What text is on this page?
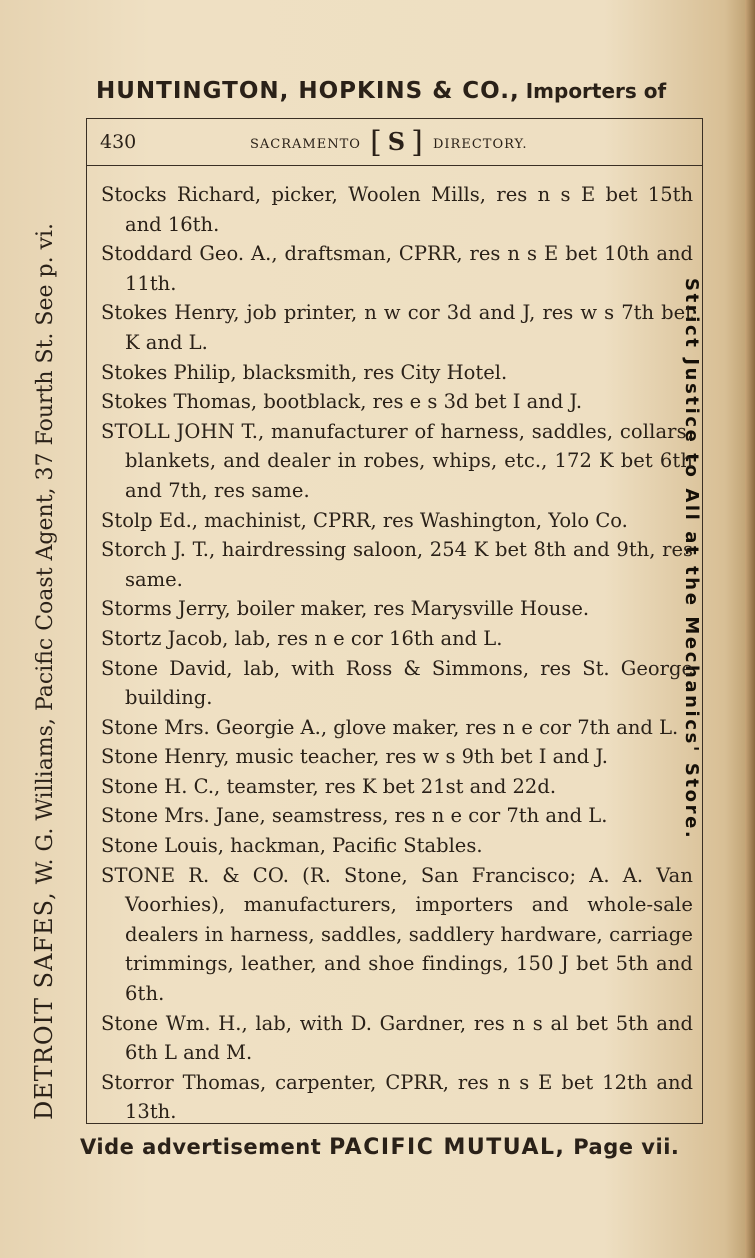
HUNTINGTON, HOPKINS & CO., Importers of
DETROIT SAFES, W. G. Williams, Pacific Coast Agent, 37 Fourth St. See p. vi.	Strict Justice to All at the Mechanics' Store.
430	SACRAMENTO [ S ] DIRECTORY.
Stocks Richard, picker, Woolen Mills, res n s E bet 15th and 16th.
Stoddard Geo. A., draftsman, CPRR, res n s E bet 10th and 11th.
Stokes Henry, job printer, n w cor 3d and J, res w s 7th bet K and L.
Stokes Philip, blacksmith, res City Hotel.
Stokes Thomas, bootblack, res e s 3d bet I and J.
STOLL JOHN T., manufacturer of harness, saddles, collars, blankets, and dealer in robes, whips, etc., 172 K bet 6th and 7th, res same.
Stolp Ed., machinist, CPRR, res Washington, Yolo Co.
Storch J. T., hairdressing saloon, 254 K bet 8th and 9th, res same.
Storms Jerry, boiler maker, res Marysville House.
Stortz Jacob, lab, res n e cor 16th and L.
Stone David, lab, with Ross & Simmons, res St. George building.
Stone Mrs. Georgie A., glove maker, res n e cor 7th and L.
Stone Henry, music teacher, res w s 9th bet I and J.
Stone H. C., teamster, res K bet 21st and 22d.
Stone Mrs. Jane, seamstress, res n e cor 7th and L.
Stone Louis, hackman, Pacific Stables.
STONE R. & CO. (R. Stone, San Francisco; A. A. Van Voorhies), manufacturers, importers and whole-sale dealers in harness, saddles, saddlery hardware, carriage trimmings, leather, and shoe findings, 150 J bet 5th and 6th.
Stone Wm. H., lab, with D. Gardner, res n s al bet 5th and 6th L and M.
Storror Thomas, carpenter, CPRR, res n s E bet 12th and 13th.
Vide advertisement PACIFIC MUTUAL, Page vii.
